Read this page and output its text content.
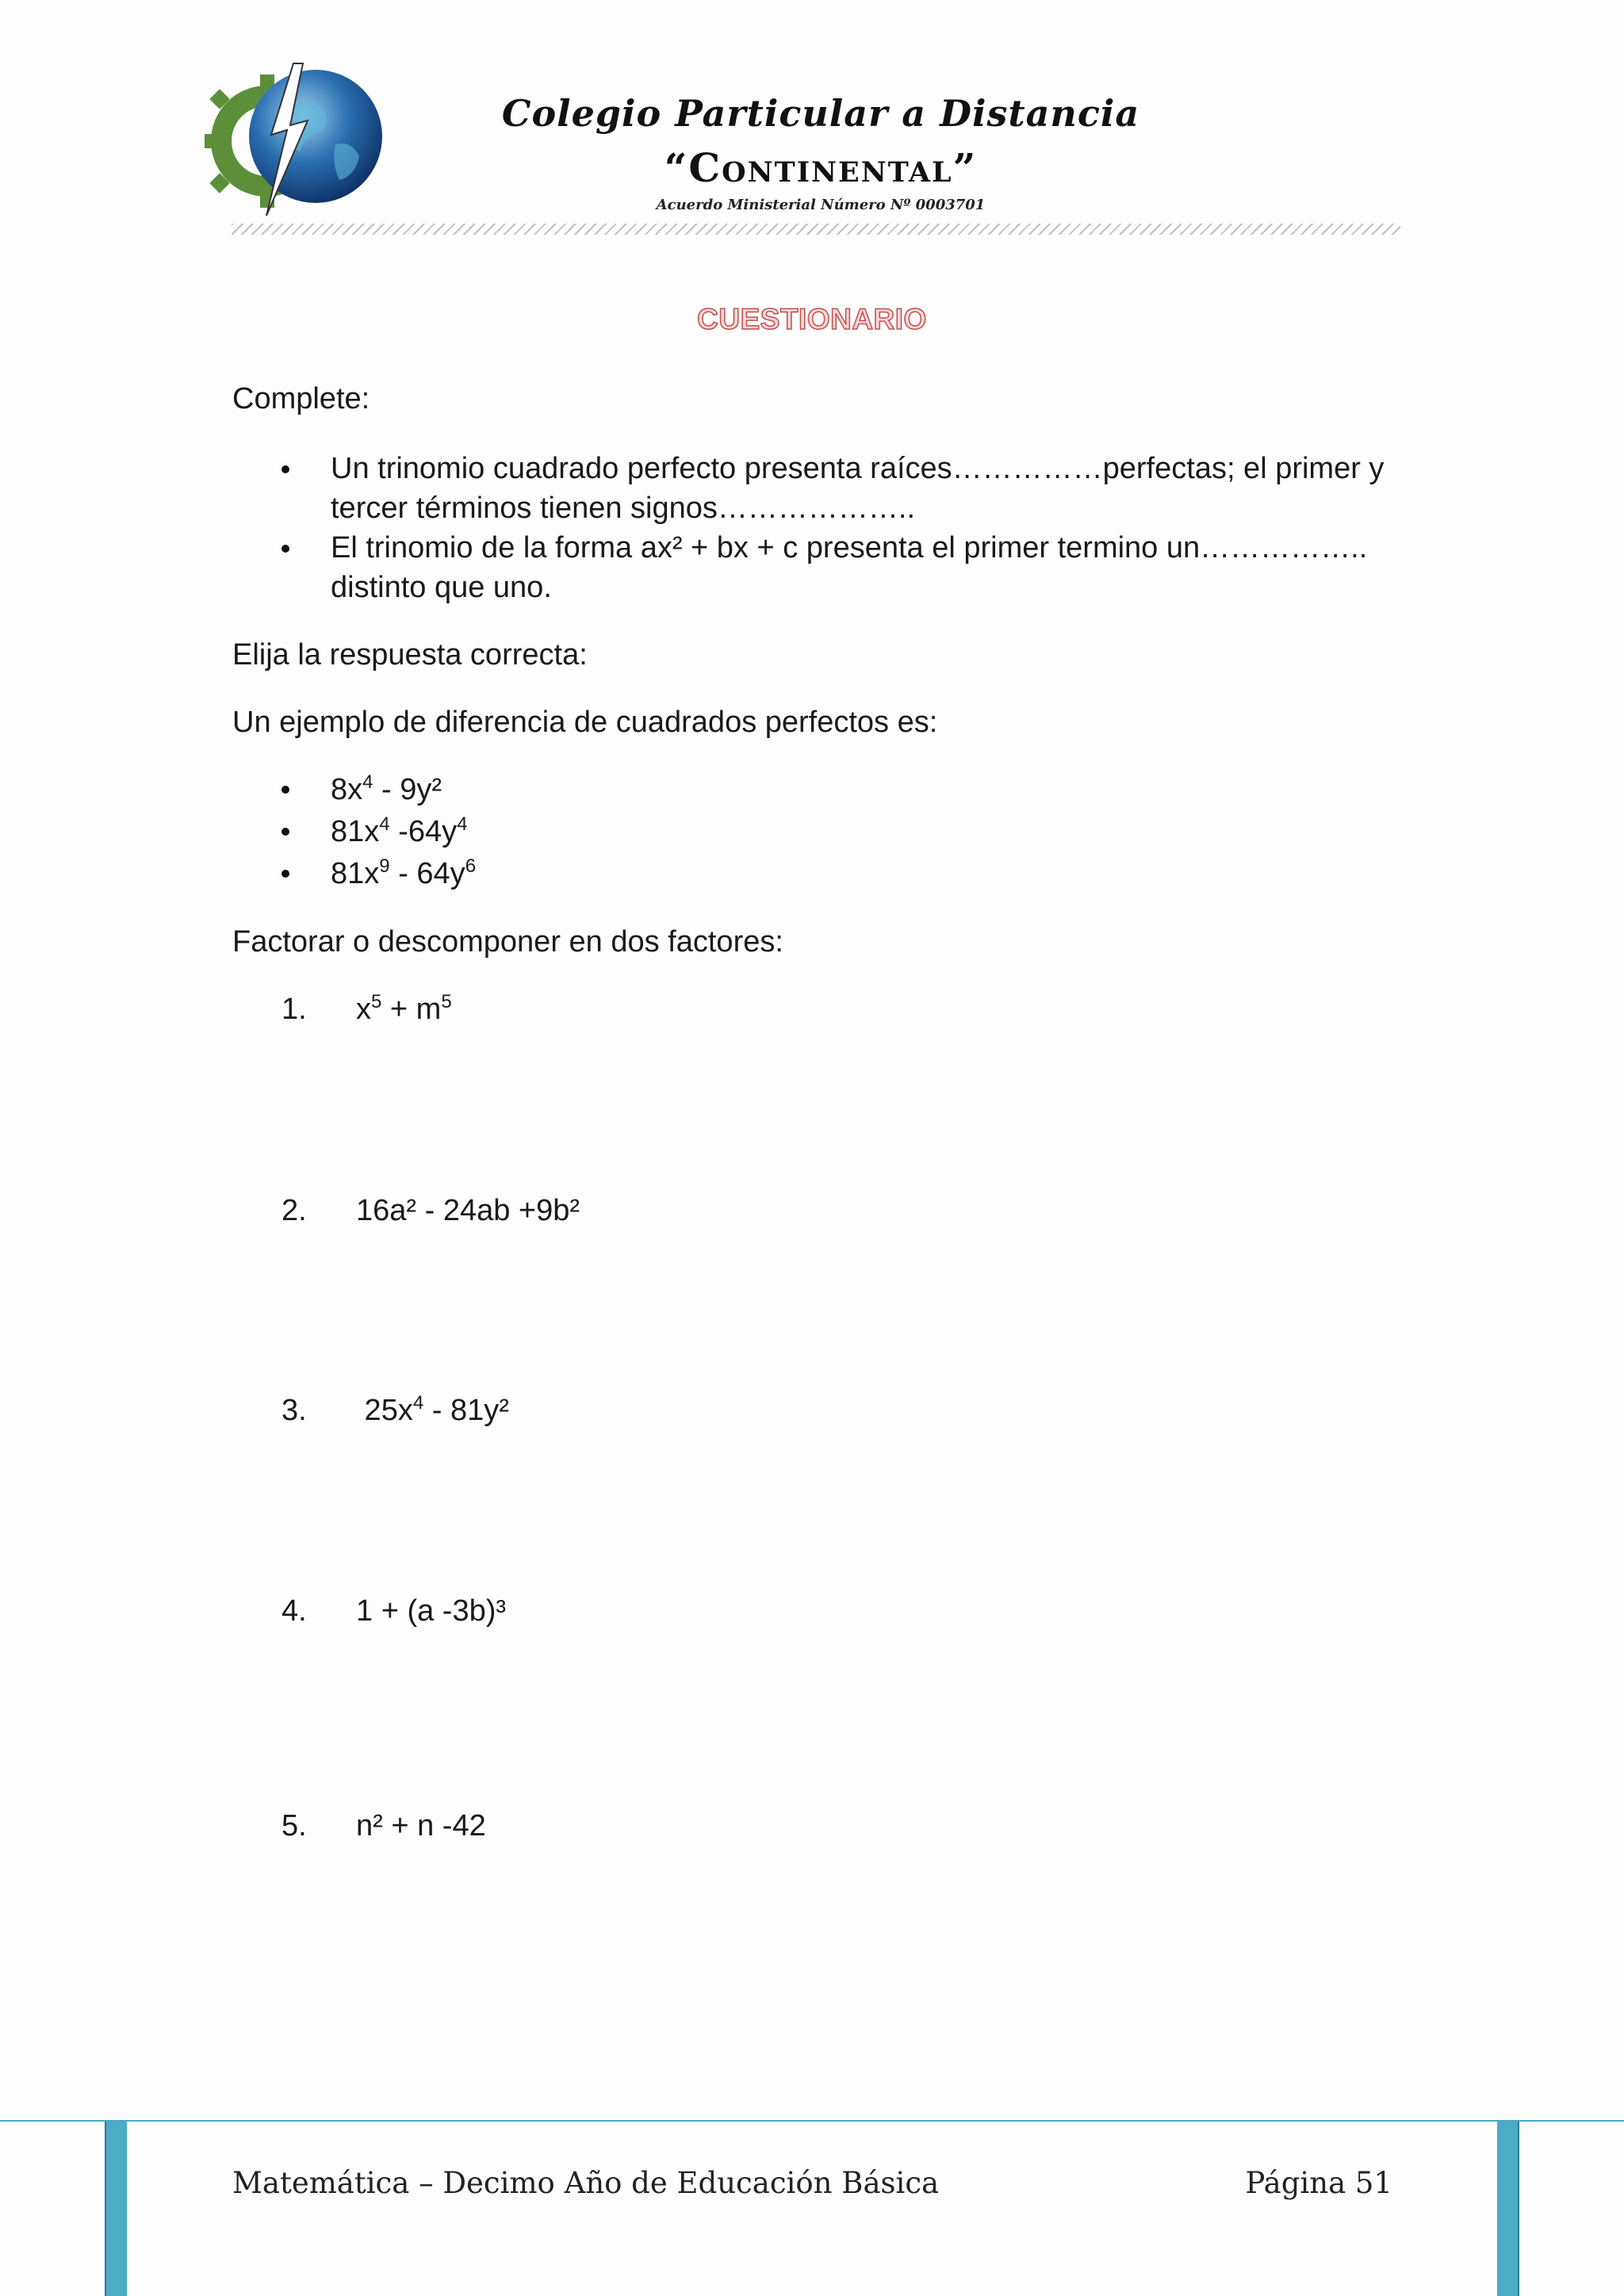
Colegio Particular a Distancia
“Continental”
Acuerdo Ministerial Número Nº 0003701
CUESTIONARIO
Complete:
Un trinomio cuadrado perfecto presenta raíces……………perfectas; el primer y tercer términos tienen signos………………..
El trinomio de la forma ax² + bx + c presenta el primer termino un…………….. distinto que uno.
Elija la respuesta correcta:
Un ejemplo de diferencia de cuadrados perfectos es:
$8x^4 - 9y^2$
$81x^4$ $-64y^4$
$81x^9 - 64y^6$
Factorar o descomponer en dos factores:
1. $x^5 + m^5$
2. 16a² - 24ab +9b²
3. $25x^4 - 81y^2$
4. 1 + (a -3b)³
5. n² + n -42
Matemática – Decimo Año de Educación Básica	Página 51
